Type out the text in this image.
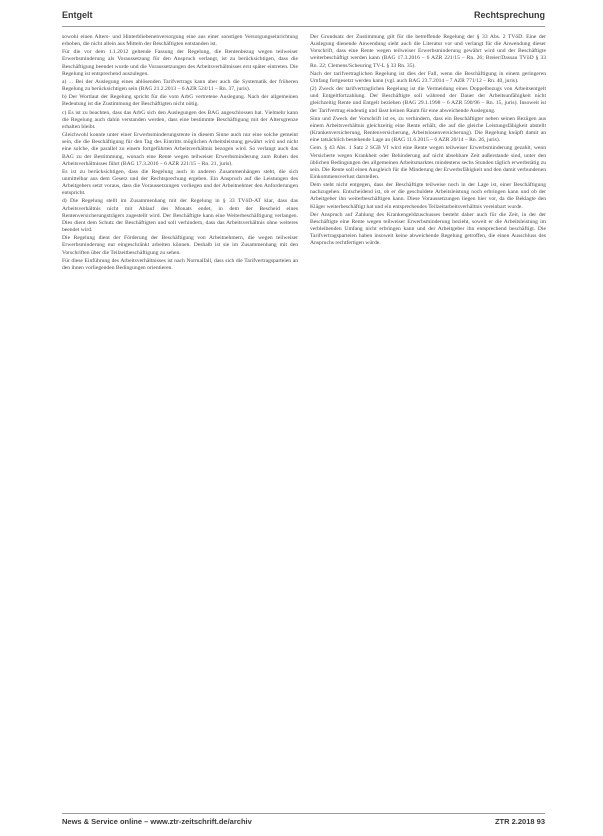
Entgelt	Rechtsprechung

sowohl einen Alters- und Hinterbliebenenversorgung eine aus einer sonstigen Versorgungseinrichtung erhoben, die nicht allein aus Mitteln der Beschäftigten entstanden ist.

Für die vor dem 1.1.2012 geltende Fassung der Regelung, die Rentenbezug wegen teilweiser Erwerbsminderung als Voraussetzung für den Anspruch verlangt, ist zu berücksichtigen, dass die Beschäftigung beendet wurde und die Voraussetzungen des Arbeitsverhältnisses erst später eintreten. Die Regelung ist entsprechend auszulegen.

a) ... Bei der Auslegung eines ablösenden Tarifvertrags kann aber auch die Systematik der früheren Regelung zu berücksichtigen sein (BAG 21.2.2013 – 6 AZR 524/11 – Rn. 37, juris).

b) Der Wortlaut der Regelung spricht für die vom ArbG vertretene Auslegung. Nach der allgemeinen Bedeutung ist die Zustimmung der Beschäftigten nicht nötig.

c) Es ist zu beachten, dass das ArbG sich den Auslegungen des BAG angeschlossen hat. Vielmehr kann die Regelung auch dahin verstanden werden, dass eine bestimmte Beschäftigung mit der Altersgrenze erhalten bleibt.

Gleichwohl konnte unter einer Erwerbsminderungsrente in diesem Sinne auch nur eine solche gemeint sein, die die Beschäftigung für den Tag des Eintritts möglichen Arbeitsleistung gewährt wird und nicht eine solche, die parallel zu einem fortgeführten Arbeitsverhältnis bezogen wird. So verlangt auch das BAG zu der Bestimmung, wonach eine Rente wegen teilweiser Erwerbsminderung zum Ruhen des Arbeitsverhältnisses führt (BAG 17.3.2016 – 6 AZR 221/15 – Rn. 21, juris).

Es ist zu berücksichtigen, dass die Regelung auch in anderen Zusammenhängen steht, die sich unmittelbar aus dem Gesetz und der Rechtsprechung ergeben. Ein Anspruch auf die Leistungen des Arbeitgebers setzt voraus, dass die Voraussetzungen vorliegen und der Arbeitnehmer den Anforderungen entspricht.

d) Die Regelung stellt im Zusammenhang mit der Regelung in § 33 TVöD-AT klar, dass das Arbeitsverhältnis nicht mit Ablauf des Monats endet, in dem der Bescheid eines Rentenversicherungsträgers zugestellt wird. Der Beschäftigte kann eine Weiterbeschäftigung verlangen. Dies dient dem Schutz der Beschäftigten und soll verhindern, dass das Arbeitsverhältnis ohne weiteres beendet wird.

Die Regelung dient der Förderung der Beschäftigung von Arbeitnehmern, die wegen teilweiser Erwerbsminderung nur eingeschränkt arbeiten können. Deshalb ist sie im Zusammenhang mit den Vorschriften über die Teilzeitbeschäftigung zu sehen.

Für diese Einführung des Arbeitsverhältnisses ist nach Normalfall, dass sich die Tarifvertragsparteien an den ihnen vorliegenden Bedingungen orientieren.

Der Grundsatz der Zustimmung gilt für die betreffende Regelung der § 33 Abs. 2 TVöD. Eine der Auslegung dienende Anwendung sieht auch die Literatur vor und verlangt für die Anwendung dieser Vorschrift, dass eine Rente wegen teilweiser Erwerbsminderung gewährt wird und der Beschäftigte weiterbeschäftigt werden kann (BAG 17.3.2016 – 6 AZR 221/15 – Rn. 26; Breier/Dassau TVöD § 33 Rn. 22; Clemens/Scheuring TV-L § 33 Rn. 35).

Nach der tarifvertraglichen Regelung ist dies der Fall, wenn die Beschäftigung in einem geringeren Umfang fortgesetzt werden kann (vgl. auch BAG 23.7.2014 – 7 AZR 771/12 – Rn. 40, juris).

(2) Zweck der tarifvertraglichen Regelung ist die Vermeidung eines Doppelbezugs von Arbeitsentgelt und Entgeltfortzahlung. Der Beschäftigte soll während der Dauer der Arbeitsunfähigkeit nicht gleichzeitig Rente und Entgelt beziehen (BAG 29.1.1998 – 6 AZR 590/96 – Rn. 15, juris). Insoweit ist der Tarifvertrag eindeutig und lässt keinen Raum für eine abweichende Auslegung.

Sinn und Zweck der Vorschrift ist es, zu verhindern, dass ein Beschäftigter neben seinen Bezügen aus einem Arbeitsverhältnis gleichzeitig eine Rente erhält, die auf die gleiche Leistungsfähigkeit abstellt (Krankenversicherung, Rentenversicherung, Arbeitslosenversicherung). Die Regelung knüpft damit an eine tatsächlich bestehende Lage an (BAG 11.6.2015 – 6 AZR 20/14 – Rn. 26, juris).

Gem. § 43 Abs. 1 Satz 2 SGB VI wird eine Rente wegen teilweiser Erwerbsminderung gezahlt, wenn Versicherte wegen Krankheit oder Behinderung auf nicht absehbare Zeit außerstande sind, unter den üblichen Bedingungen des allgemeinen Arbeitsmarktes mindestens sechs Stunden täglich erwerbstätig zu sein. Die Rente soll einen Ausgleich für die Minderung der Erwerbsfähigkeit und den damit verbundenen Einkommensverlust darstellen.

Dem steht nicht entgegen, dass der Beschäftigte teilweise noch in der Lage ist, einer Beschäftigung nachzugehen. Entscheidend ist, ob er die geschuldete Arbeitsleistung noch erbringen kann und ob der Arbeitgeber ihn weiterbeschäftigen kann. Diese Voraussetzungen liegen hier vor, da die Beklagte den Kläger weiterbeschäftigt hat und ein entsprechendes Teilzeitarbeitsverhältnis vereinbart wurde.

Der Anspruch auf Zahlung des Krankengeldzuschusses besteht daher auch für die Zeit, in der der Beschäftigte eine Rente wegen teilweiser Erwerbsminderung bezieht, soweit er die Arbeitsleistung im verbleibenden Umfang nicht erbringen kann und der Arbeitgeber ihn entsprechend beschäftigt. Die Tarifvertragsparteien haben insoweit keine abweichende Regelung getroffen, die einen Ausschluss des Anspruchs rechtfertigen würde.

News & Service online – www.ztr-zeitschrift.de/archiv	ZTR 2.2018 93
